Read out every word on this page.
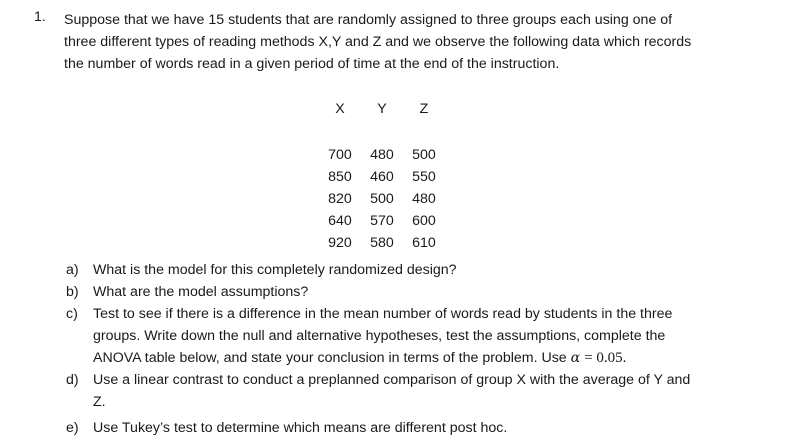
1. Suppose that we have 15 students that are randomly assigned to three groups each using one of
three different types of reading methods X,Y and Z and we observe the following data which records
the number of words read in a given period of time at the end of the instruction.
X	Y	Z

700	480	500
850	460	550
820	500	480
640	570	600
920	580	610
a)	What is the model for this completely randomized design?
b)	What are the model assumptions?
c)	Test to see if there is a difference in the mean number of words read by students in the three
groups. Write down the null and alternative hypotheses, test the assumptions, complete the
ANOVA table below, and state your conclusion in terms of the problem. Use α = 0.05.
d)	Use a linear contrast to conduct a preplanned comparison of group X with the average of Y and
Z.
e)	Use Tukey’s test to determine which means are different post hoc.
